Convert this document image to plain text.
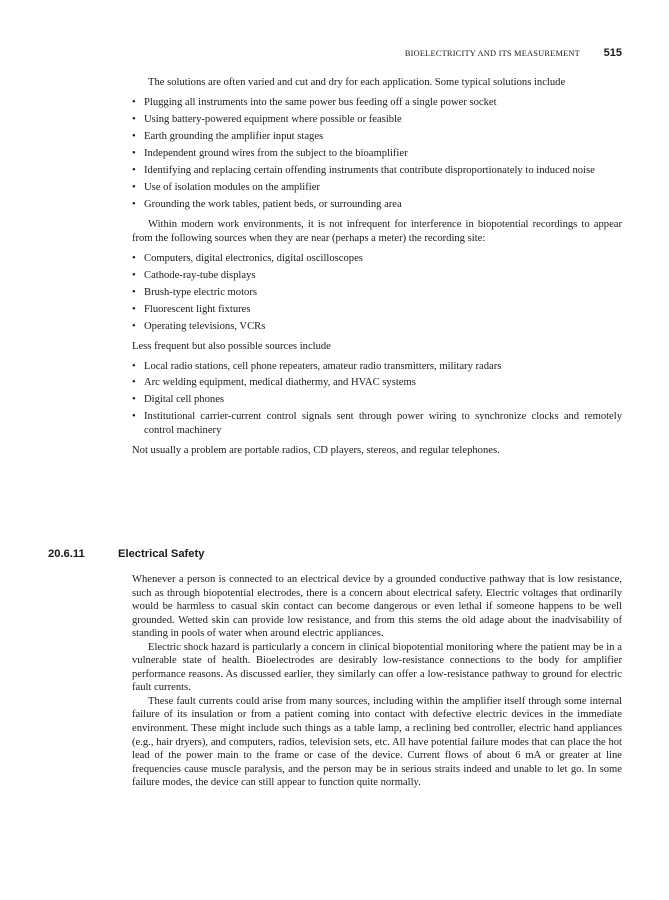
BIOELECTRICITY AND ITS MEASUREMENT 515

The solutions are often varied and cut and dry for each application. Some typical solutions include

• Plugging all instruments into the same power bus feeding off a single power socket
• Using battery-powered equipment where possible or feasible
• Earth grounding the amplifier input stages
• Independent ground wires from the subject to the bioamplifier
• Identifying and replacing certain offending instruments that contribute disproportionately to induced noise
• Use of isolation modules on the amplifier
• Grounding the work tables, patient beds, or surrounding area

Within modern work environments, it is not infrequent for interference in biopotential recordings to appear from the following sources when they are near (perhaps a meter) the recording site:

• Computers, digital electronics, digital oscilloscopes
• Cathode-ray-tube displays
• Brush-type electric motors
• Fluorescent light fixtures
• Operating televisions, VCRs

Less frequent but also possible sources include

• Local radio stations, cell phone repeaters, amateur radio transmitters, military radars
• Arc welding equipment, medical diathermy, and HVAC systems
• Digital cell phones
• Institutional carrier-current control signals sent through power wiring to synchronize clocks and remotely control machinery

Not usually a problem are portable radios, CD players, stereos, and regular telephones.

20.6.11	Electrical Safety

Whenever a person is connected to an electrical device by a grounded conductive pathway that is low resistance, such as through biopotential electrodes, there is a concern about electrical safety. Electric voltages that ordinarily would be harmless to casual skin contact can become dangerous or even lethal if someone happens to be well grounded. Wetted skin can provide low resistance, and from this stems the old adage about the inadvisability of standing in pools of water when around electric appliances.

Electric shock hazard is particularly a concern in clinical biopotential monitoring where the patient may be in a vulnerable state of health. Bioelectrodes are desirably low-resistance connections to the body for amplifier performance reasons. As discussed earlier, they similarly can offer a low-resistance pathway to ground for electric fault currents.

These fault currents could arise from many sources, including within the amplifier itself through some internal failure of its insulation or from a patient coming into contact with defective electric devices in the immediate environment. These might include such things as a table lamp, a reclining bed controller, electric hand appliances (e.g., hair dryers), and computers, radios, television sets, etc. All have potential failure modes that can place the hot lead of the power main to the frame or case of the device. Current flows of about 6 mA or greater at line frequencies cause muscle paralysis, and the person may be in serious straits indeed and unable to let go. In some failure modes, the device can still appear to function quite normally.
